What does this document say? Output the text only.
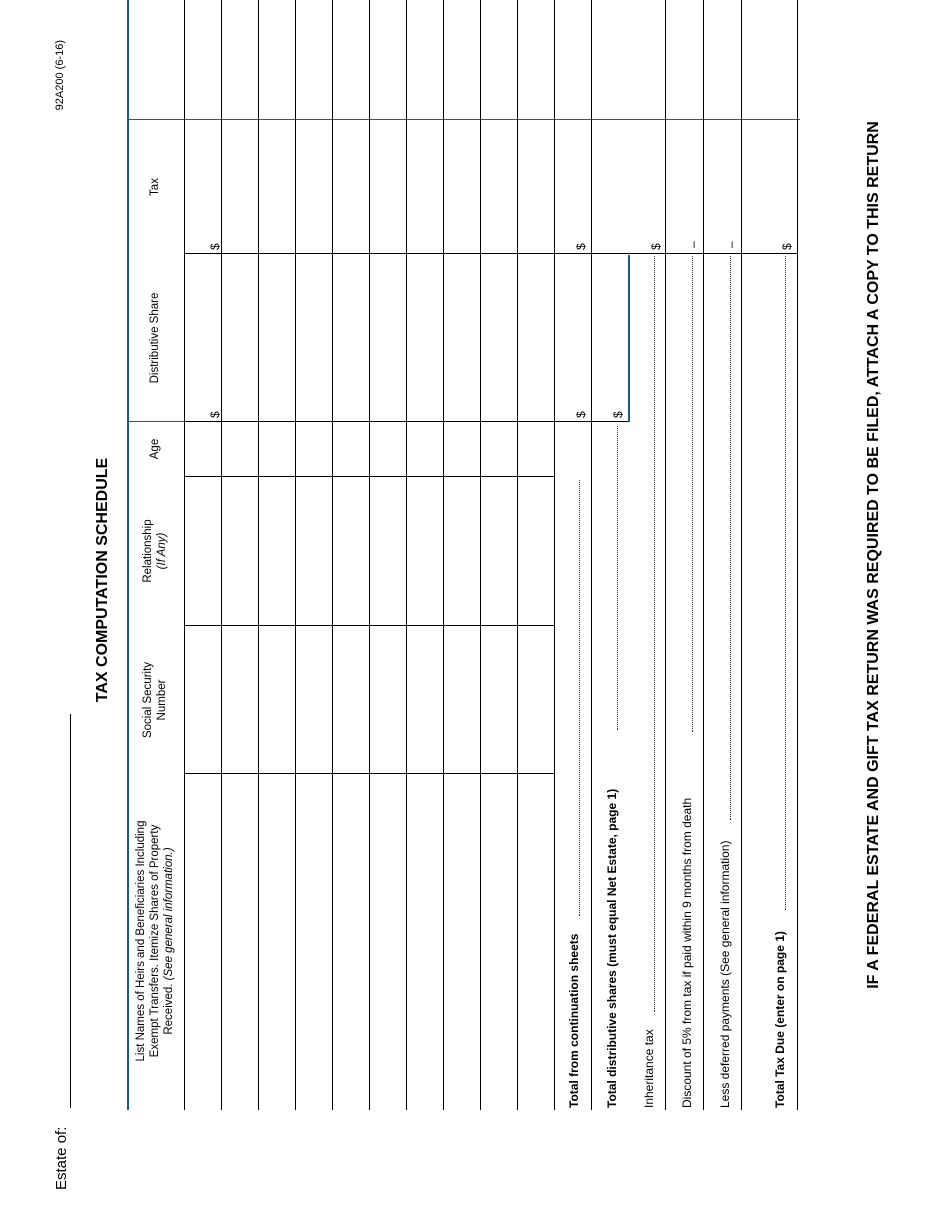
Estate of:
TAX COMPUTATION SCHEDULE
92A200 (6-16)
List Names of Heirs and Beneficiaries Including Exempt Transfers. Itemize Shares of Property Received. (See general information.)
Social Security Number
Relationship (If Any)
Age
Distributive Share
Tax
$
$
Total from continuation sheets
$
$
Total distributive shares (must equal Net Estate, page 1)
$
Inheritance tax
$
Discount of 5% from tax if paid within 9 months from death
–
Less deferred payments (See general information)
–
Total Tax Due (enter on page 1)
$	IF A FEDERAL ESTATE AND GIFT TAX RETURN WAS REQUIRED TO BE FILED, ATTACH A COPY TO THIS RETURN
